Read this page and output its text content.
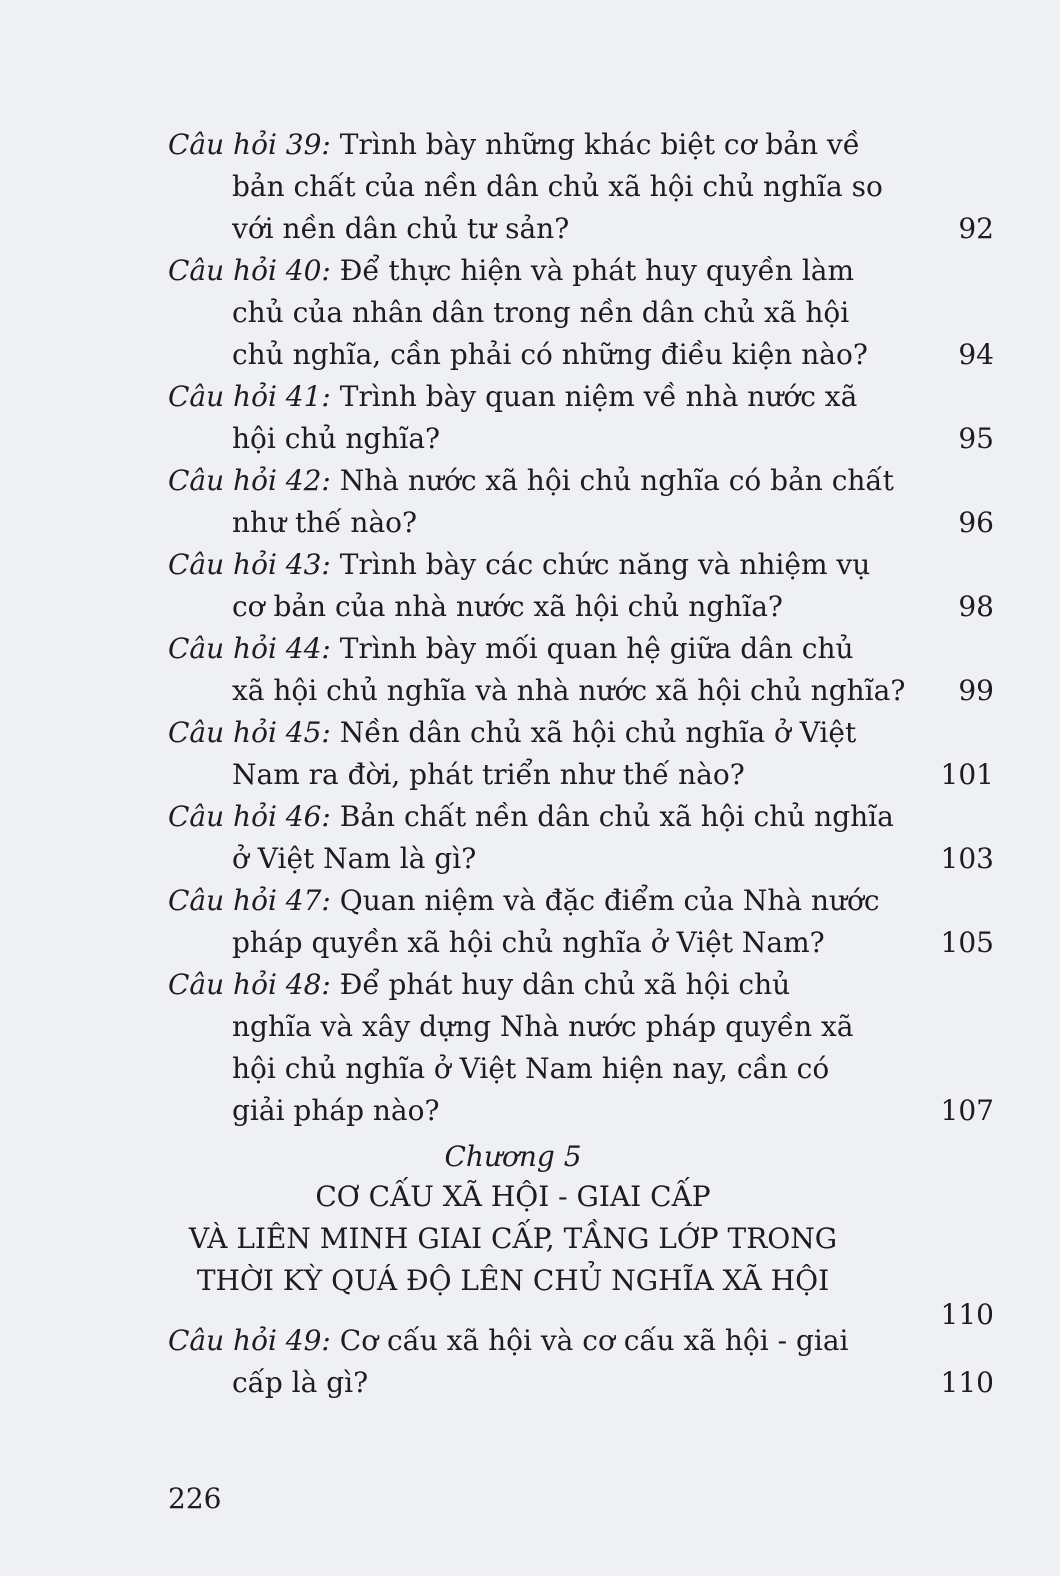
Câu hỏi 39: Trình bày những khác biệt cơ bản về
bản chất của nền dân chủ xã hội chủ nghĩa so
với nền dân chủ tư sản?	92
Câu hỏi 40: Để thực hiện và phát huy quyền làm
chủ của nhân dân trong nền dân chủ xã hội
chủ nghĩa, cần phải có những điều kiện nào?	94
Câu hỏi 41: Trình bày quan niệm về nhà nước xã
hội chủ nghĩa?	95
Câu hỏi 42: Nhà nước xã hội chủ nghĩa có bản chất
như thế nào?	96
Câu hỏi 43: Trình bày các chức năng và nhiệm vụ
cơ bản của nhà nước xã hội chủ nghĩa?	98
Câu hỏi 44: Trình bày mối quan hệ giữa dân chủ
xã hội chủ nghĩa và nhà nước xã hội chủ nghĩa?	99
Câu hỏi 45: Nền dân chủ xã hội chủ nghĩa ở Việt
Nam ra đời, phát triển như thế nào?	101
Câu hỏi 46: Bản chất nền dân chủ xã hội chủ nghĩa
ở Việt Nam là gì?	103
Câu hỏi 47: Quan niệm và đặc điểm của Nhà nước
pháp quyền xã hội chủ nghĩa ở Việt Nam?	105
Câu hỏi 48: Để phát huy dân chủ xã hội chủ
nghĩa và xây dựng Nhà nước pháp quyền xã
hội chủ nghĩa ở Việt Nam hiện nay, cần có
giải pháp nào?	107
Chương 5
CƠ CẤU XÃ HỘI - GIAI CẤP
VÀ LIÊN MINH GIAI CẤP, TẦNG LỚP TRONG
THỜI KỲ QUÁ ĐỘ LÊN CHỦ NGHĨA XÃ HỘI
110
Câu hỏi 49: Cơ cấu xã hội và cơ cấu xã hội - giai
cấp là gì?	110
226
